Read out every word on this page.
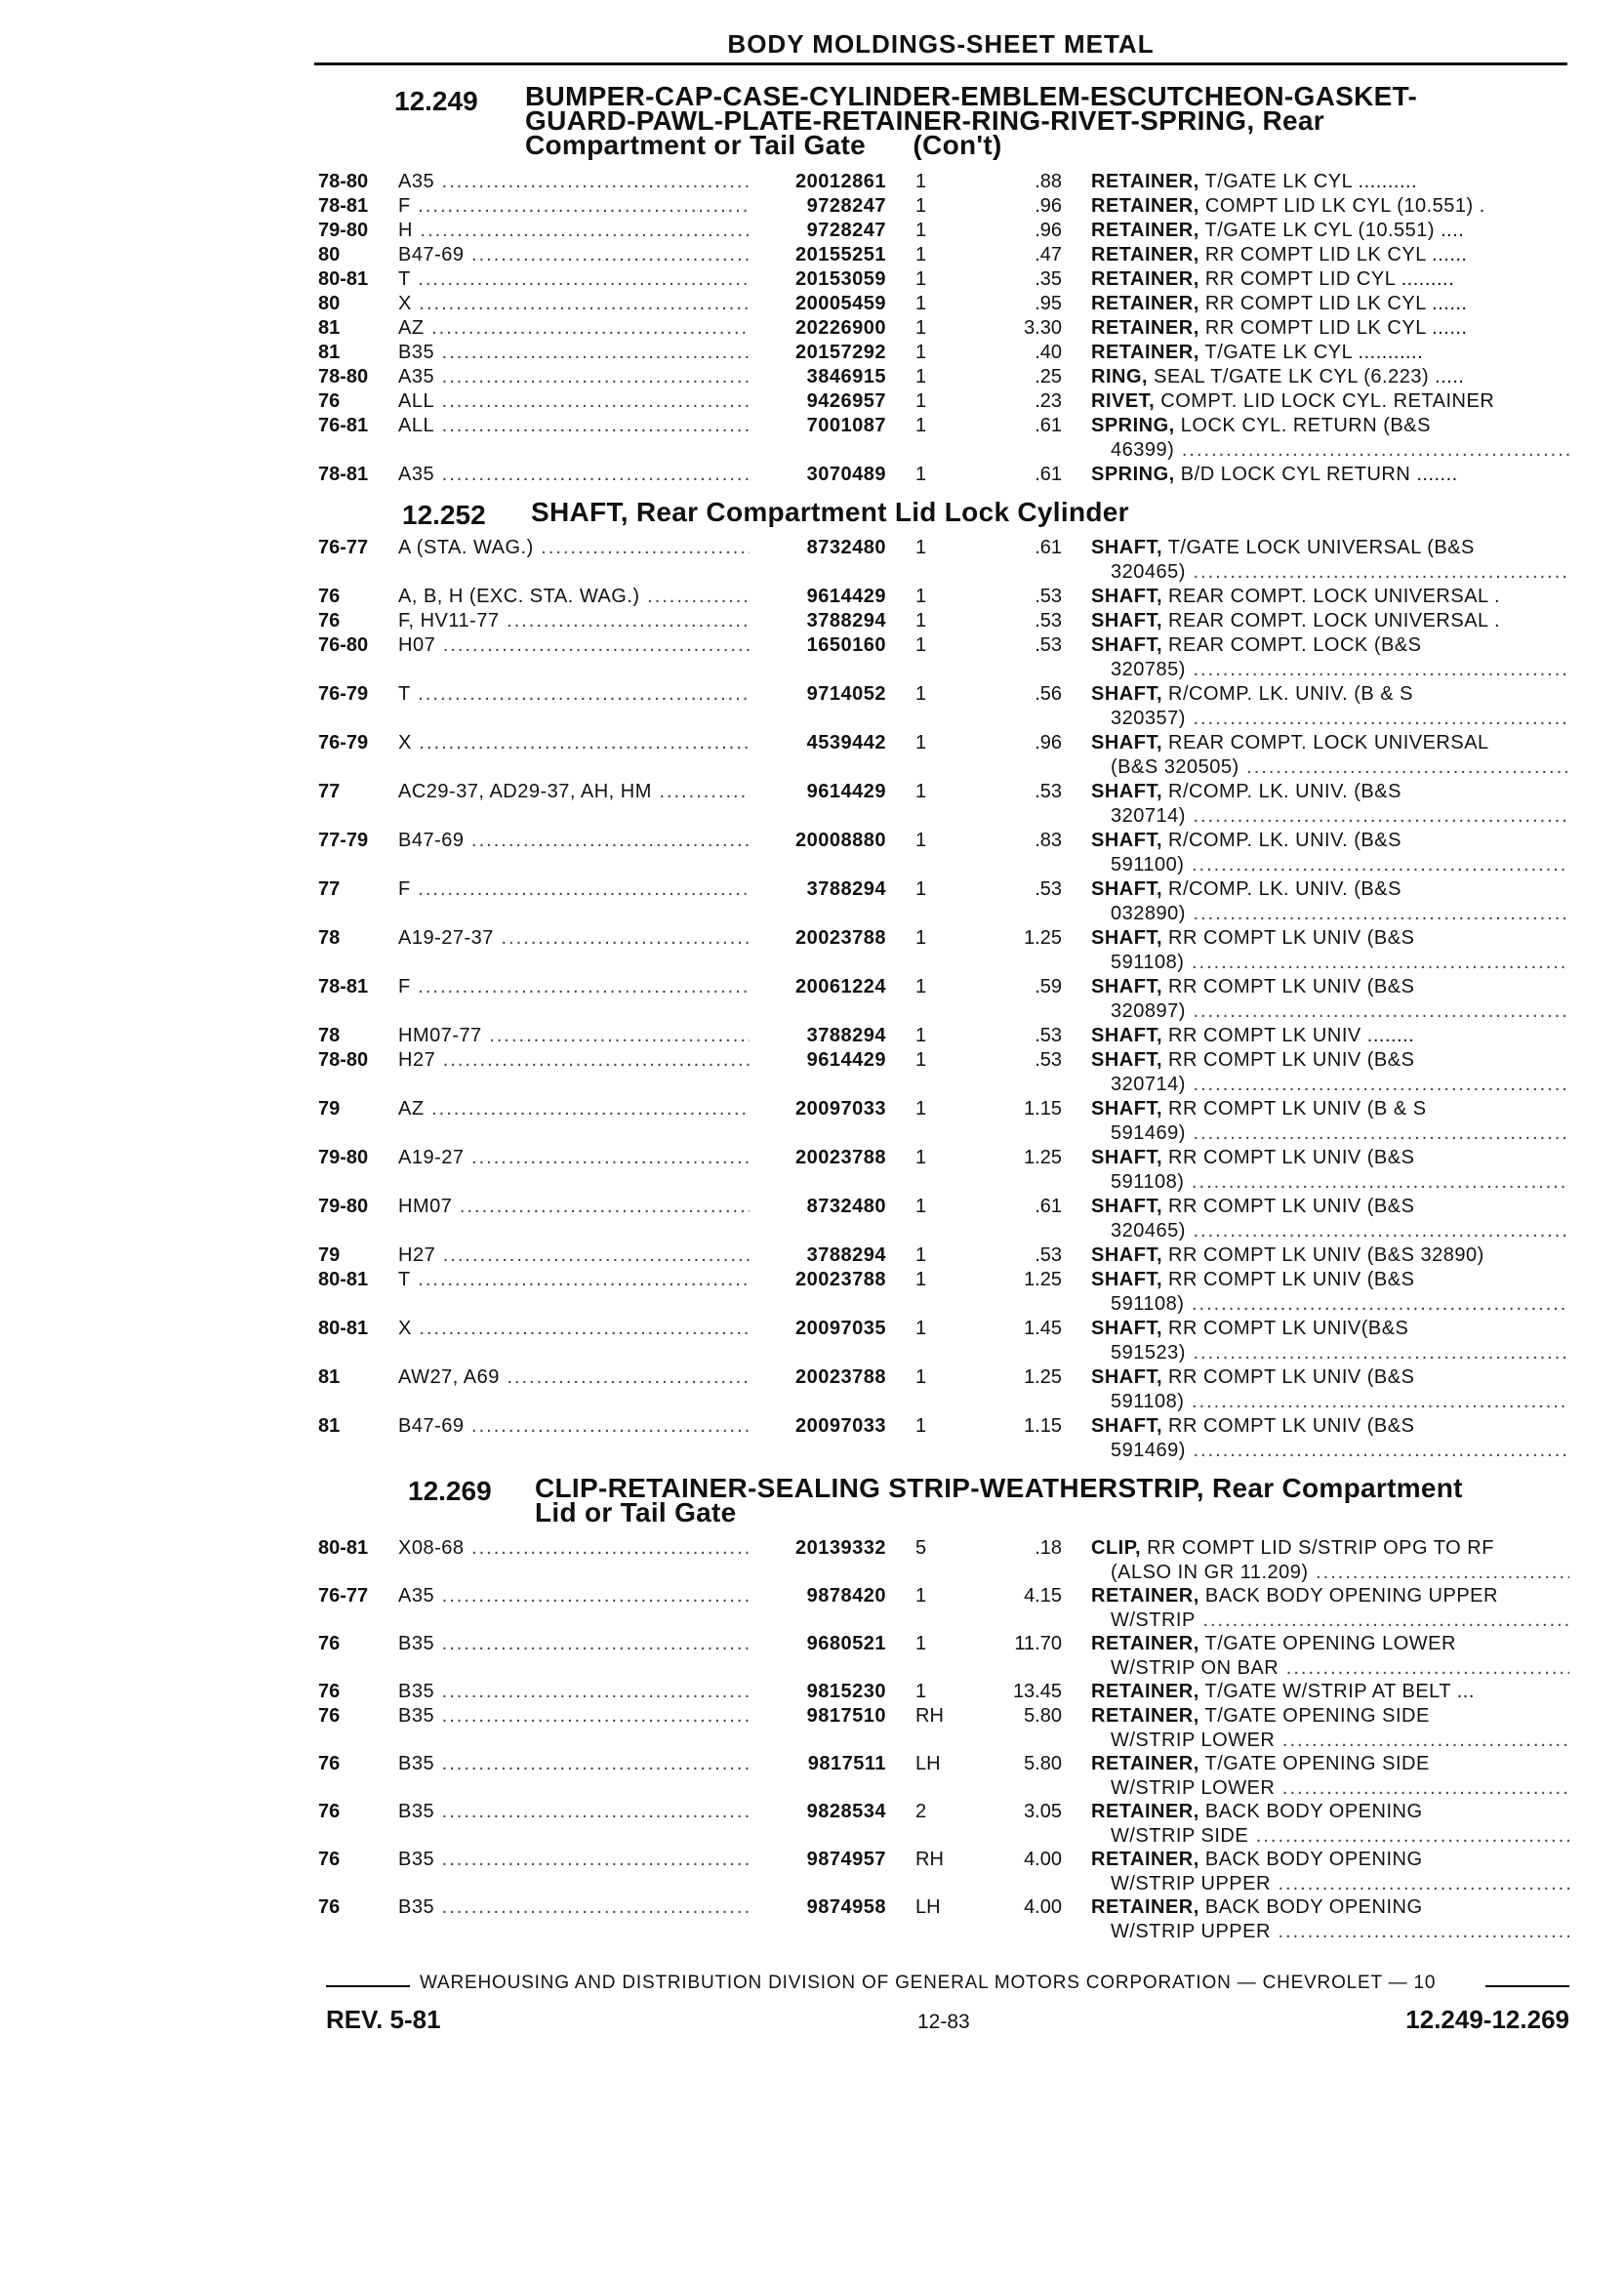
BODY MOLDINGS-SHEET METAL
12.249 BUMPER-CAP-CASE-CYLINDER-EMBLEM-ESCUTCHEON-GASKET-
GUARD-PAWL-PLATE-RETAINER-RING-RIVET-SPRING, Rear
Compartment or Tail Gate      (Con't)
12.252 SHAFT, Rear Compartment Lid Lock Cylinder
12.269 CLIP-RETAINER-SEALING STRIP-WEATHERSTRIP, Rear Compartment
Lid or Tail Gate
78-80	A35 .....	20012861 1	.88 RETAINER, T/GATE LK CYL ..........
78-81	F .....	9728247 1	.96 RETAINER, COMPT LID LK CYL (10.551) .
79-80	H .....	9728247 1	.96 RETAINER, T/GATE LK CYL (10.551) ....
80	B47-69 .....	20155251 1	.47 RETAINER, RR COMPT LID LK CYL ......
80-81	T .....	20153059 1	.35 RETAINER, RR COMPT LID CYL .........
80	X .....	20005459 1	.95 RETAINER, RR COMPT LID LK CYL ......
81	AZ .....	20226900 1	3.30 RETAINER, RR COMPT LID LK CYL ......
81	B35 .....	20157292 1	.40 RETAINER, T/GATE LK CYL ...........
78-80	A35 .....	3846915 1	.25 RING, SEAL T/GATE LK CYL (6.223) .....
76	ALL .....	9426957 1	.23 RIVET, COMPT. LID LOCK CYL. RETAINER
76-81	ALL .....	7001087 1	.61 SPRING, LOCK CYL. RETURN (B&S
46399) .....
78-81	A35 .....	3070489 1	.61 SPRING, B/D LOCK CYL RETURN .......
76-77	A (STA. WAG.) .....	8732480 1	.61 SHAFT, T/GATE LOCK UNIVERSAL (B&S
320465) .....
76	A, B, H (EXC. STA. WAG.) .....	9614429 1	.53 SHAFT, REAR COMPT. LOCK UNIVERSAL .
76	F, HV11-77 .....	3788294 1	.53 SHAFT, REAR COMPT. LOCK UNIVERSAL .
76-80	H07 .....	1650160 1	.53 SHAFT, REAR COMPT. LOCK (B&S
320785) .....
76-79	T .....	9714052 1	.56 SHAFT, R/COMP. LK. UNIV. (B & S
320357) .....
76-79	X .....	4539442 1	.96 SHAFT, REAR COMPT. LOCK UNIVERSAL
(B&S 320505) .....
77	AC29-37, AD29-37, AH, HM .....	9614429 1	.53 SHAFT, R/COMP. LK. UNIV. (B&S
320714) .....
77-79	B47-69 .....	20008880 1	.83 SHAFT, R/COMP. LK. UNIV. (B&S
591100) .....
77	F .....	3788294 1	.53 SHAFT, R/COMP. LK. UNIV. (B&S
032890) .....
78	A19-27-37 .....	20023788 1	1.25 SHAFT, RR COMPT LK UNIV (B&S
591108) .....
78-81	F .....	20061224 1	.59 SHAFT, RR COMPT LK UNIV (B&S
320897) .....
78	HM07-77 .....	3788294 1	.53 SHAFT, RR COMPT LK UNIV ........
78-80	H27 .....	9614429 1	.53 SHAFT, RR COMPT LK UNIV (B&S
320714) .....
79	AZ .....	20097033 1	1.15 SHAFT, RR COMPT LK UNIV (B & S
591469) .....
79-80	A19-27 .....	20023788 1	1.25 SHAFT, RR COMPT LK UNIV (B&S
591108) .....
79-80	HM07 .....	8732480 1	.61 SHAFT, RR COMPT LK UNIV (B&S
320465) .....
79	H27 .....	3788294 1	.53 SHAFT, RR COMPT LK UNIV (B&S 32890)
80-81	T .....	20023788 1	1.25 SHAFT, RR COMPT LK UNIV (B&S
591108) .....
80-81	X .....	20097035 1	1.45 SHAFT, RR COMPT LK UNIV(B&S
591523) .....
81	AW27, A69 .....	20023788 1	1.25 SHAFT, RR COMPT LK UNIV (B&S
591108) .....
81	B47-69 .....	20097033 1	1.15 SHAFT, RR COMPT LK UNIV (B&S
591469) .....
80-81	X08-68 .....	20139332 5	.18 CLIP, RR COMPT LID S/STRIP OPG TO RF
(ALSO IN GR 11.209) .....
76-77	A35 .....	9878420 1	4.15 RETAINER, BACK BODY OPENING UPPER
W/STRIP .....
76	B35 .....	9680521 1	11.70 RETAINER, T/GATE OPENING LOWER
W/STRIP ON BAR .....
76	B35 .....	9815230 1	13.45 RETAINER, T/GATE W/STRIP AT BELT ...
76	B35 .....	9817510 RH	5.80 RETAINER, T/GATE OPENING SIDE
W/STRIP LOWER .....
76	B35 .....	9817511 LH	5.80 RETAINER, T/GATE OPENING SIDE
W/STRIP LOWER .....
76	B35 .....	9828534 2	3.05 RETAINER, BACK BODY OPENING
W/STRIP SIDE .....
76	B35 .....	9874957 RH	4.00 RETAINER, BACK BODY OPENING
W/STRIP UPPER .....
76	B35 .....	9874958 LH	4.00 RETAINER, BACK BODY OPENING
W/STRIP UPPER .....
WAREHOUSING AND DISTRIBUTION DIVISION OF GENERAL MOTORS CORPORATION — CHEVROLET — 10
REV. 5-81	12-83	12.249-12.269
